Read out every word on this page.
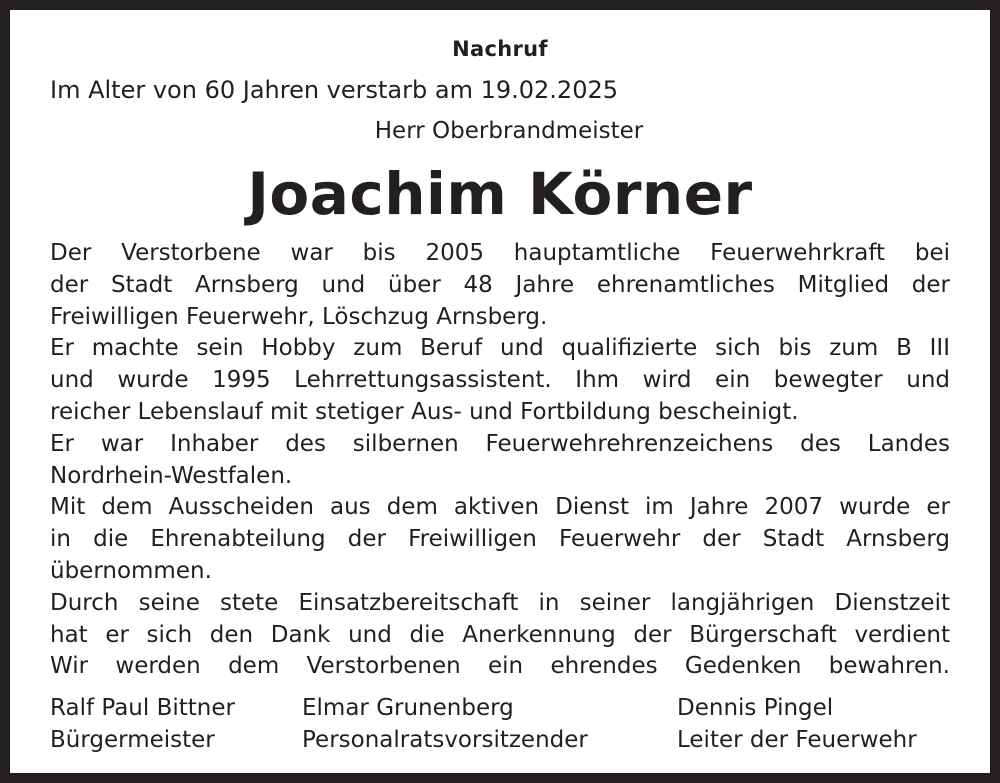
Nachruf
Im Alter von 60 Jahren verstarb am 19.02.2025
Herr Oberbrandmeister
Joachim Körner
Der Verstorbene war bis 2005 hauptamtliche Feuerwehrkraft bei
der Stadt Arnsberg und über 48 Jahre ehrenamtliches Mitglied der
Freiwilligen Feuerwehr, Löschzug Arnsberg.
Er machte sein Hobby zum Beruf und qualifizierte sich bis zum B III
und wurde 1995 Lehrrettungsassistent. Ihm wird ein bewegter und
reicher Lebenslauf mit stetiger Aus- und Fortbildung bescheinigt.
Er war Inhaber des silbernen Feuerwehrehrenzeichens des Landes
Nordrhein-Westfalen.
Mit dem Ausscheiden aus dem aktiven Dienst im Jahre 2007 wurde er
in die Ehrenabteilung der Freiwilligen Feuerwehr der Stadt Arnsberg
übernommen.
Durch seine stete Einsatzbereitschaft in seiner langjährigen Dienstzeit
hat er sich den Dank und die Anerkennung der Bürgerschaft verdient
Wir werden dem Verstorbenen ein ehrendes Gedenken bewahren.
Ralf Paul Bittner
Bürgermeister
Elmar Grunenberg
Personalratsvorsitzender
Dennis Pingel
Leiter der Feuerwehr
